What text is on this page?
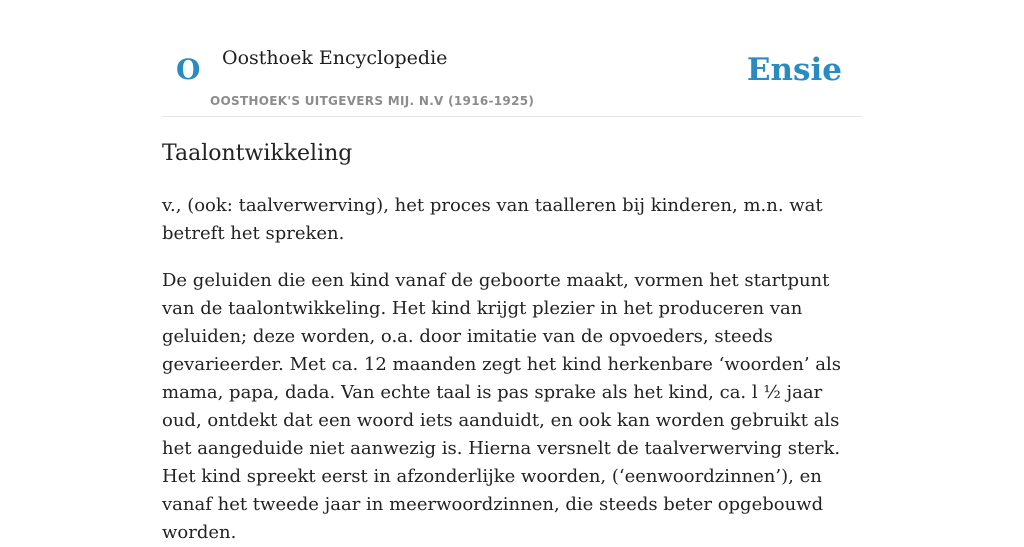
O Oosthoek Encyclopedie
OOSTHOEK'S UITGEVERS MIJ. N.V (1916-1925)
Ensie
Taalontwikkeling

v., (ook: taalverwerving), het proces van taalleren bij kinderen, m.n. wat betreft het spreken.

De geluiden die een kind vanaf de geboorte maakt, vormen het startpunt van de taalontwikkeling. Het kind krijgt plezier in het produceren van geluiden; deze worden, o.a. door imitatie van de opvoeders, steeds gevarieerder. Met ca. 12 maanden zegt het kind herkenbare ‘woorden’ als mama, papa, dada. Van echte taal is pas sprake als het kind, ca. l ½ jaar oud, ontdekt dat een woord iets aanduidt, en ook kan worden gebruikt als het aangeduide niet aanwezig is. Hierna versnelt de taalverwerving sterk. Het kind spreekt eerst in afzonderlijke woorden, (‘eenwoordzinnen’), en vanaf het tweede jaar in meerwoordzinnen, die steeds beter opgebouwd worden.
